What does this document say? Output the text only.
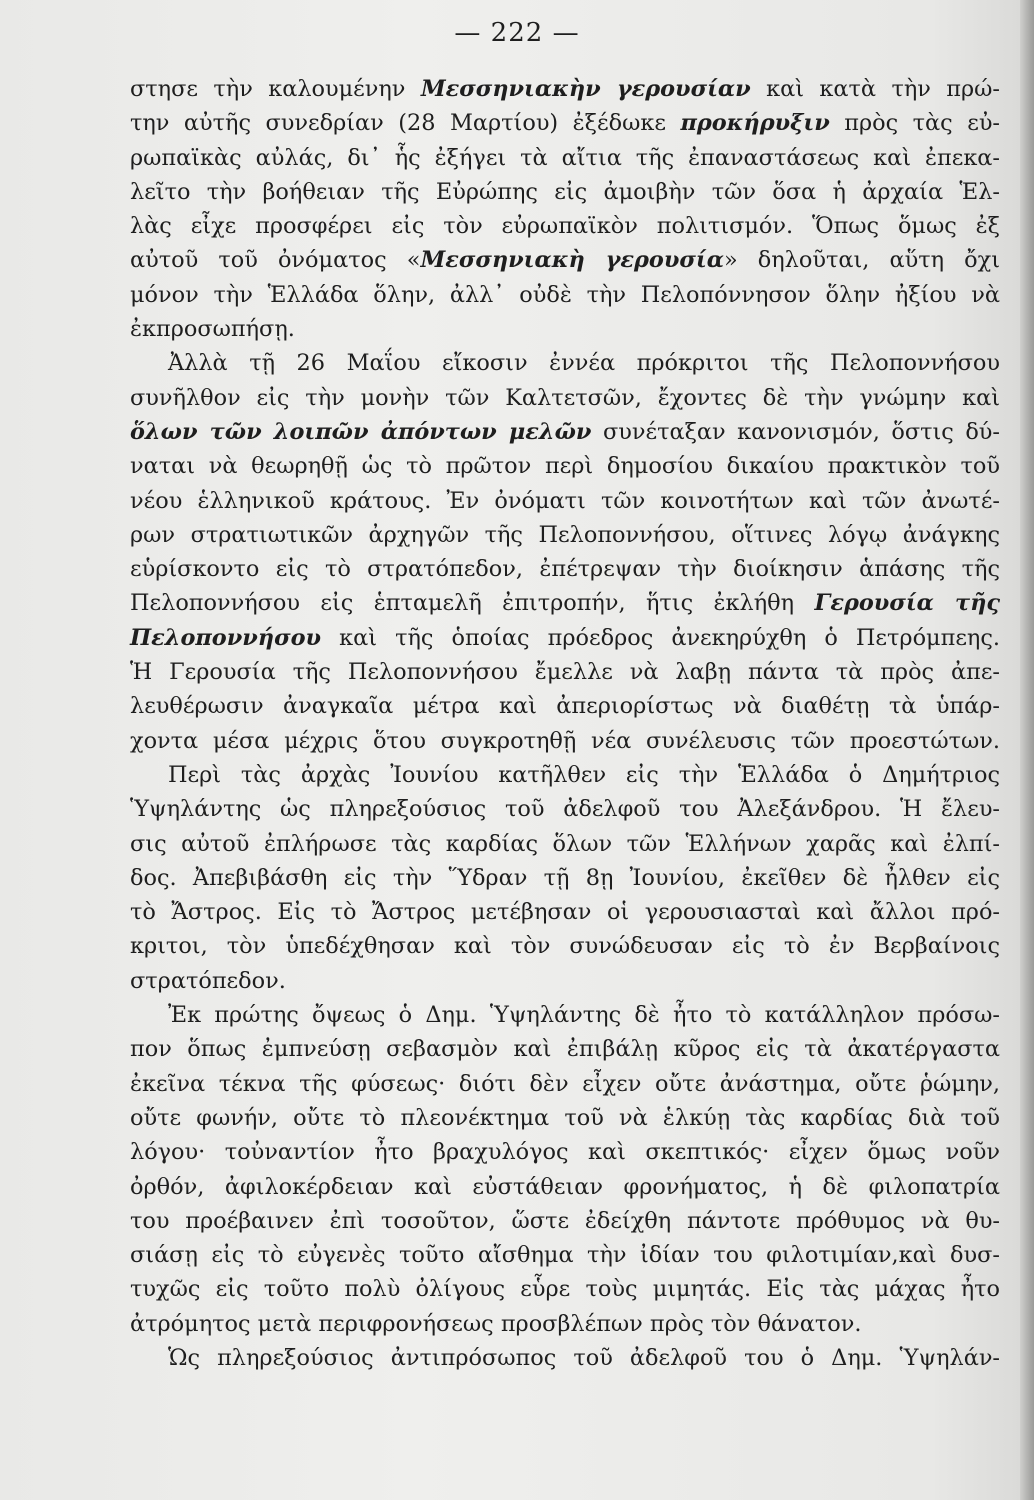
— 222 —
στησε τὴν καλουμένην Μεσσηνιακὴν γερουσίαν καὶ κατὰ τὴν πρώ-
την αὐτῆς συνεδρίαν (28 Μαρτίου) ἐξέδωκε προκήρυξιν πρὸς τὰς εὐ-
ρωπαϊκὰς αὐλάς, δι᾿ ἧς ἐξήγει τὰ αἴτια τῆς ἐπαναστάσεως καὶ ἐπεκα-
λεῖτο τὴν βοήθειαν τῆς Εὐρώπης εἰς ἀμοιβὴν τῶν ὅσα ἡ ἀρχαία Ἑλ-
λὰς εἶχε προσφέρει εἰς τὸν εὐρωπαϊκὸν πολιτισμόν. Ὅπως ὅμως ἐξ
αὐτοῦ τοῦ ὀνόματος «Μεσσηνιακὴ γερουσία» δηλοῦται, αὕτη ὄχι
μόνον τὴν Ἑλλάδα ὅλην, ἀλλ᾿ οὐδὲ τὴν Πελοπόννησον ὅλην ἠξίου νὰ
ἐκπροσωπήσῃ.
Ἀλλὰ τῇ 26 Μαΐου εἴκοσιν ἐννέα πρόκριτοι τῆς Πελοποννήσου
συνῆλθον εἰς τὴν μονὴν τῶν Καλτετσῶν, ἔχοντες δὲ τὴν γνώμην καὶ
ὅλων τῶν λοιπῶν ἀπόντων μελῶν συνέταξαν κανονισμόν, ὅστις δύ-
ναται νὰ θεωρηθῇ ὡς τὸ πρῶτον περὶ δημοσίου δικαίου πρακτικὸν τοῦ
νέου ἑλληνικοῦ κράτους. Ἐν ὀνόματι τῶν κοινοτήτων καὶ τῶν ἀνωτέ-
ρων στρατιωτικῶν ἀρχηγῶν τῆς Πελοποννήσου, οἵτινες λόγῳ ἀνάγκης
εὑρίσκοντο εἰς τὸ στρατόπεδον, ἐπέτρεψαν τὴν διοίκησιν ἁπάσης τῆς
Πελοποννήσου εἰς ἑπταμελῆ ἐπιτροπήν, ἥτις ἐκλήθη Γερουσία τῆς
Πελοποννήσου καὶ τῆς ὁποίας πρόεδρος ἀνεκηρύχθη ὁ Πετρόμπεης.
Ἡ Γερουσία τῆς Πελοποννήσου ἔμελλε νὰ λαβῃ πάντα τὰ πρὸς ἀπε-
λευθέρωσιν ἀναγκαῖα μέτρα καὶ ἀπεριορίστως νὰ διαθέτῃ τὰ ὑπάρ-
χοντα μέσα μέχρις ὅτου συγκροτηθῇ νέα συνέλευσις τῶν προεστώτων.
Περὶ τὰς ἀρχὰς Ἰουνίου κατῆλθεν εἰς τὴν Ἑλλάδα ὁ Δημήτριος
Ὑψηλάντης ὡς πληρεξούσιος τοῦ ἀδελφοῦ του Ἀλεξάνδρου. Ἡ ἔλευ-
σις αὐτοῦ ἐπλήρωσε τὰς καρδίας ὅλων τῶν Ἑλλήνων χαρᾶς καὶ ἐλπί-
δος. Ἀπεβιβάσθη εἰς τὴν Ὕδραν τῇ 8ῃ Ἰουνίου, ἐκεῖθεν δὲ ἦλθεν εἰς
τὸ Ἄστρος. Εἰς τὸ Ἄστρος μετέβησαν οἱ γερουσιασταὶ καὶ ἄλλοι πρό-
κριτοι, τὸν ὑπεδέχθησαν καὶ τὸν συνώδευσαν εἰς τὸ ἐν Βερβαίνοις
στρατόπεδον.
Ἐκ πρώτης ὄψεως ὁ Δημ. Ὑψηλάντης δὲ ἦτο τὸ κατάλληλον πρόσω-
πον ὅπως ἐμπνεύσῃ σεβασμὸν καὶ ἐπιβάλῃ κῦρος εἰς τὰ ἀκατέργαστα
ἐκεῖνα τέκνα τῆς φύσεως· διότι δὲν εἶχεν οὔτε ἀνάστημα, οὔτε ῥώμην,
οὔτε φωνήν, οὔτε τὸ πλεονέκτημα τοῦ νὰ ἑλκύῃ τὰς καρδίας διὰ τοῦ
λόγου· τοὐναντίον ἦτο βραχυλόγος καὶ σκεπτικός· εἶχεν ὅμως νοῦν
ὀρθόν, ἀφιλοκέρδειαν καὶ εὐστάθειαν φρονήματος, ἡ δὲ φιλοπατρία
του προέβαινεν ἐπὶ τοσοῦτον, ὥστε ἐδείχθη πάντοτε πρόθυμος νὰ θυ-
σιάσῃ εἰς τὸ εὐγενὲς τοῦτο αἴσθημα τὴν ἰδίαν του φιλοτιμίαν,καὶ δυσ-
τυχῶς εἰς τοῦτο πολὺ ὀλίγους εὗρε τοὺς μιμητάς. Εἰς τὰς μάχας ἦτο
ἀτρόμητος μετὰ περιφρονήσεως προσβλέπων πρὸς τὸν θάνατον.
Ὡς πληρεξούσιος ἀντιπρόσωπος τοῦ ἀδελφοῦ του ὁ Δημ. Ὑψηλάν-
